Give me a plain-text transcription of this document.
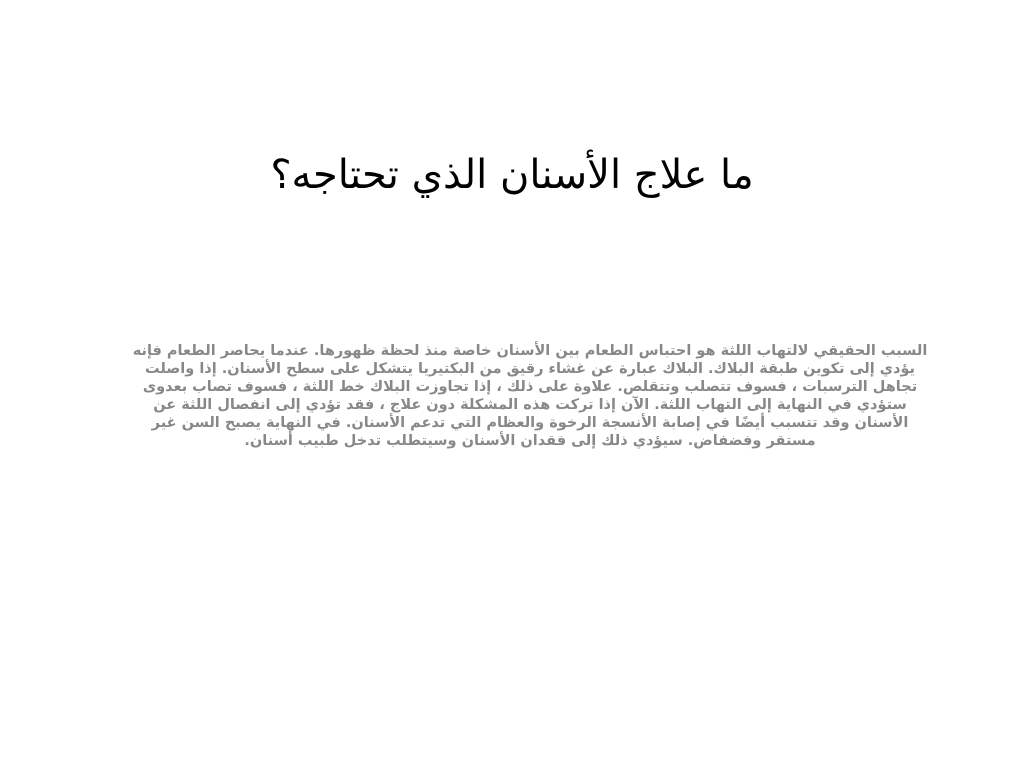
ما علاج الأسنان الذي تحتاجه؟

السبب الحقيقي لالتهاب اللثة هو احتباس الطعام بين الأسنان خاصة منذ لحظة ظهورها. عندما يحاصر الطعام فإنه يؤدي إلى تكوين طبقة البلاك. البلاك عبارة عن غشاء رقيق من البكتيريا يتشكل على سطح الأسنان. إذا واصلت تجاهل الترسبات ، فسوف تتصلب وتتقلص. علاوة على ذلك ، إذا تجاوزت البلاك خط اللثة ، فسوف تصاب بعدوى ستؤدي في النهاية إلى التهاب اللثة. الآن إذا تركت هذه المشكلة دون علاج ، فقد تؤدي إلى انفصال اللثة عن الأسنان وقد تتسبب أيضًا في إصابة الأنسجة الرخوة والعظام التي تدعم الأسنان. في النهاية يصبح السن غير مستقر وفضفاض. سيؤدي ذلك إلى فقدان الأسنان وسيتطلب تدخل طبيب أسنان.
